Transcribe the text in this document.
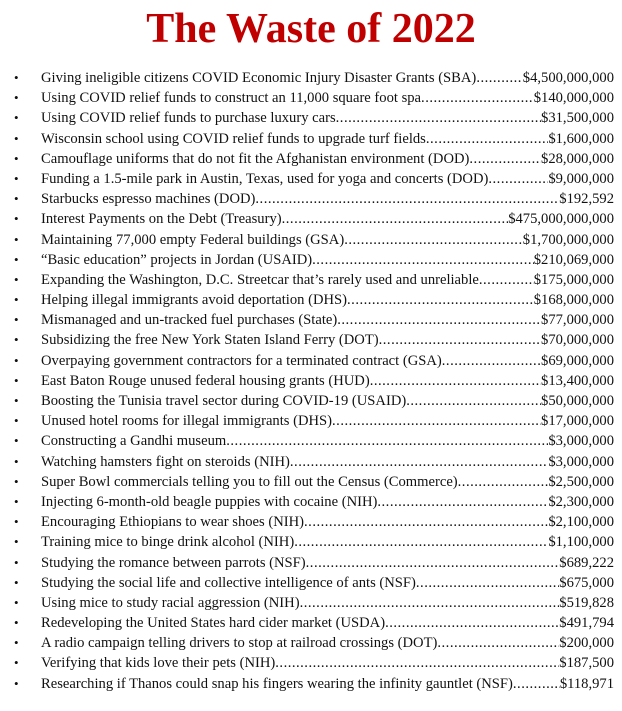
The Waste of 2022
• Giving ineligible citizens COVID Economic Injury Disaster Grants (SBA) .....	$4,500,000,000
• Using COVID relief funds to construct an 11,000 square foot spa .....	$140,000,000
• Using COVID relief funds to purchase luxury cars .....	$31,500,000
• Wisconsin school using COVID relief funds to upgrade turf fields .....	$1,600,000
• Camouflage uniforms that do not fit the Afghanistan environment (DOD) .....	$28,000,000
• Funding a 1.5-mile park in Austin, Texas, used for yoga and concerts (DOD) .....	$9,000,000
• Starbucks espresso machines (DOD) .....	$192,592
• Interest Payments on the Debt (Treasury) .....	$475,000,000,000
• Maintaining 77,000 empty Federal buildings (GSA) .....	$1,700,000,000
• “Basic education” projects in Jordan (USAID) .....	$210,069,000
• Expanding the Washington, D.C. Streetcar that’s rarely used and unreliable .....	$175,000,000
• Helping illegal immigrants avoid deportation (DHS) .....	$168,000,000
• Mismanaged and un-tracked fuel purchases (State) .....	$77,000,000
• Subsidizing the free New York Staten Island Ferry (DOT) .....	$70,000,000
• Overpaying government contractors for a terminated contract (GSA) .....	$69,000,000
• East Baton Rouge unused federal housing grants (HUD) .....	$13,400,000
• Boosting the Tunisia travel sector during COVID-19 (USAID) .....	$50,000,000
• Unused hotel rooms for illegal immigrants (DHS) .....	$17,000,000
• Constructing a Gandhi museum .....	$3,000,000
• Watching hamsters fight on steroids (NIH) .....	$3,000,000
• Super Bowl commercials telling you to fill out the Census (Commerce) .....	$2,500,000
• Injecting 6-month-old beagle puppies with cocaine (NIH) .....	$2,300,000
• Encouraging Ethiopians to wear shoes (NIH) .....	$2,100,000
• Training mice to binge drink alcohol (NIH) .....	$1,100,000
• Studying the romance between parrots (NSF) .....	$689,222
• Studying the social life and collective intelligence of ants (NSF) .....	$675,000
• Using mice to study racial aggression (NIH) .....	$519,828
• Redeveloping the United States hard cider market (USDA) .....	$491,794
• A radio campaign telling drivers to stop at railroad crossings (DOT) .....	$200,000
• Verifying that kids love their pets (NIH) .....	$187,500
• Researching if Thanos could snap his fingers wearing the infinity gauntlet (NSF) .....	$118,971
